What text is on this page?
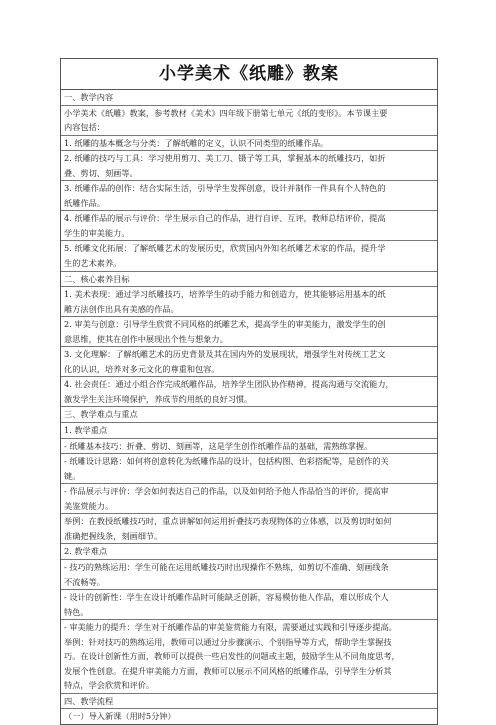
小学美术《纸雕》教案
一、教学内容
小学美术《纸雕》教案，参考教材《美术》四年级下册第七单元《纸的变形》。本节课主要
内容包括：
1. 纸雕的基本概念与分类：了解纸雕的定义，认识不同类型的纸雕作品。
2. 纸雕的技巧与工具：学习使用剪刀、美工刀、镊子等工具，掌握基本的纸雕技巧，如折
叠、剪切、刻画等。
3. 纸雕作品的创作：结合实际生活，引导学生发挥创意，设计并制作一件具有个人特色的
纸雕作品。
4. 纸雕作品的展示与评价：学生展示自己的作品，进行自评、互评，教师总结评价，提高
学生的审美能力。
5. 纸雕文化拓展：了解纸雕艺术的发展历史，欣赏国内外知名纸雕艺术家的作品，提升学
生的艺术素养。
二、核心素养目标
1. 美术表现：通过学习纸雕技巧，培养学生的动手能力和创造力，使其能够运用基本的纸
雕方法创作出具有美感的作品。
2. 审美与创意：引导学生欣赏不同风格的纸雕艺术，提高学生的审美能力，激发学生的创
意思维，使其在创作中展现出个性与想象力。
3. 文化理解：了解纸雕艺术的历史背景及其在国内外的发展现状，增强学生对传统工艺文
化的认识，培养对多元文化的尊重和包容。
4. 社会责任：通过小组合作完成纸雕作品，培养学生团队协作精神，提高沟通与交流能力，
激发学生关注环境保护，养成节约用纸的良好习惯。
三、教学难点与重点
1. 教学重点
- 纸雕基本技巧：折叠、剪切、刻画等，这是学生创作纸雕作品的基础，需熟练掌握。
- 纸雕设计思路：如何将创意转化为纸雕作品的设计，包括构图、色彩搭配等，是创作的关
键。
- 作品展示与评价：学会如何表达自己的作品，以及如何给予他人作品恰当的评价，提高审
美鉴赏能力。
举例：在教授纸雕技巧时，重点讲解如何运用折叠技巧表现物体的立体感，以及剪切时如何
准确把握线条，刻画细节。
2. 教学难点
- 技巧的熟练运用：学生可能在运用纸雕技巧时出现操作不熟练，如剪切不准确、刻画线条
不流畅等。
- 设计的创新性：学生在设计纸雕作品时可能缺乏创新，容易模仿他人作品，难以形成个人
特色。
- 审美能力的提升：学生对于纸雕作品的审美鉴赏能力有限，需要通过实践和引导逐步提高。
举例：针对技巧的熟练运用，教师可以通过分步骤演示、个别指导等方式，帮助学生掌握技
巧。在设计创新性方面，教师可以提供一些启发性的问题或主题，鼓励学生从不同角度思考，
发展个性创意。在提升审美能力方面，教师可以展示不同风格的纸雕作品，引导学生分析其
特点，学会欣赏和评价。
四、教学流程
（一）导入新课（用时5分钟）
